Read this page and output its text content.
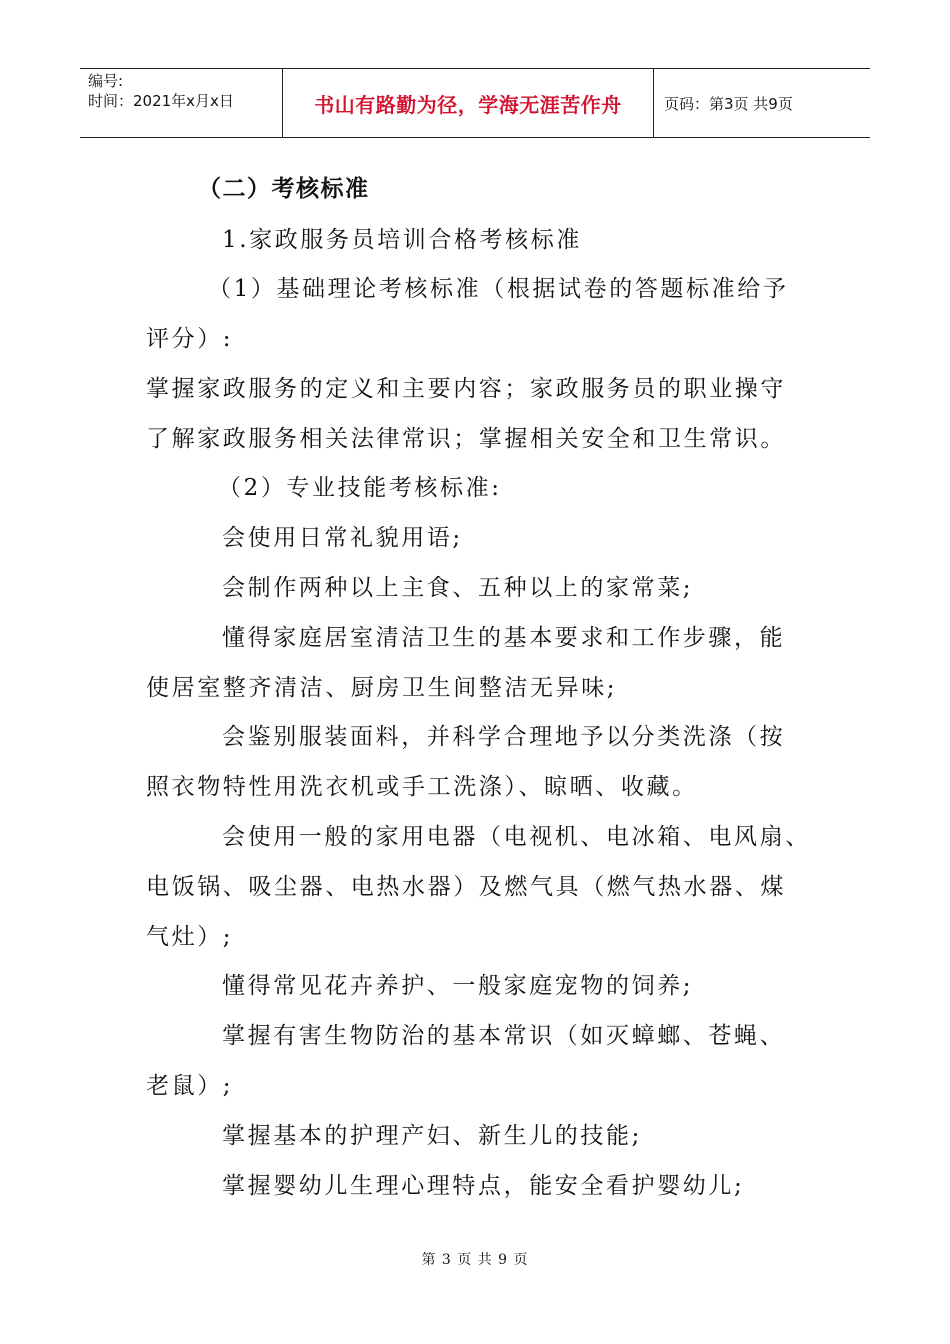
编号:
时间：2021年x月x日	书山有路勤为径，学海无涯苦作舟	页码：第3页 共9页
（二）考核标准
1.家政服务员培训合格考核标准
（1）基础理论考核标准（根据试卷的答题标准给予
评分）:
掌握家政服务的定义和主要内容；家政服务员的职业操守
了解家政服务相关法律常识；掌握相关安全和卫生常识。
（2）专业技能考核标准:
会使用日常礼貌用语;
会制作两种以上主食、五种以上的家常菜;
懂得家庭居室清洁卫生的基本要求和工作步骤，能
使居室整齐清洁、厨房卫生间整洁无异味;
会鉴别服装面料，并科学合理地予以分类洗涤（按
照衣物特性用洗衣机或手工洗涤）、晾晒、收藏。
会使用一般的家用电器（电视机、电冰箱、电风扇、
电饭锅、吸尘器、电热水器）及燃气具（燃气热水器、煤
气灶）;
懂得常见花卉养护、一般家庭宠物的饲养;
掌握有害生物防治的基本常识（如灭蟑螂、苍蝇、
老鼠）;
掌握基本的护理产妇、新生儿的技能;
掌握婴幼儿生理心理特点，能安全看护婴幼儿;
第 3 页 共 9 页
